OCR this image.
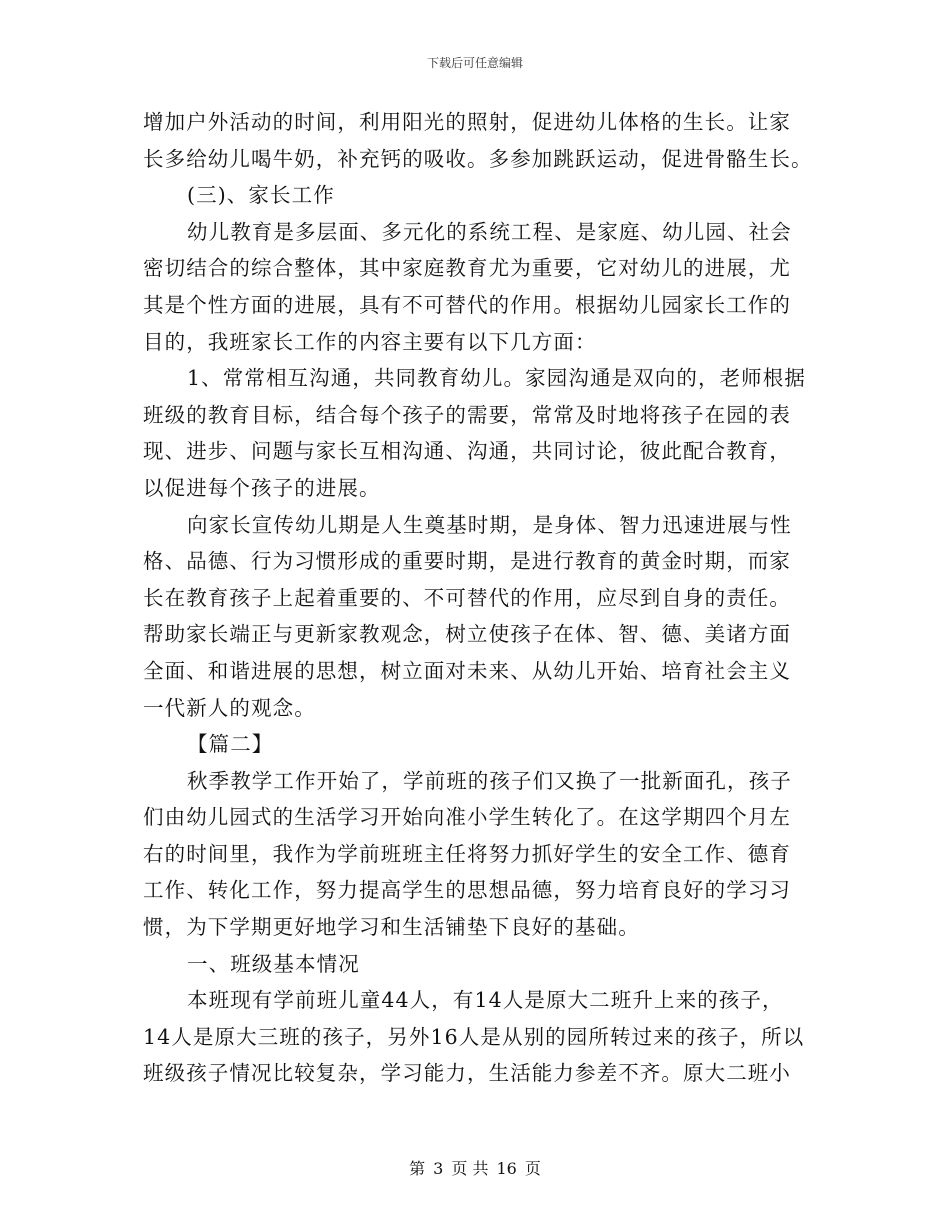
下载后可任意编辑
增加户外活动的时间，利用阳光的照射，促进幼儿体格的生长。让家
长多给幼儿喝牛奶，补充钙的吸收。多参加跳跃运动，促进骨骼生长。
(三)、家长工作
幼儿教育是多层面、多元化的系统工程、是家庭、幼儿园、社会
密切结合的综合整体，其中家庭教育尤为重要，它对幼儿的进展，尤
其是个性方面的进展，具有不可替代的作用。根据幼儿园家长工作的
目的，我班家长工作的内容主要有以下几方面：
1、常常相互沟通，共同教育幼儿。家园沟通是双向的，老师根据
班级的教育目标，结合每个孩子的需要，常常及时地将孩子在园的表
现、进步、问题与家长互相沟通、沟通，共同讨论，彼此配合教育，
以促进每个孩子的进展。
向家长宣传幼儿期是人生奠基时期，是身体、智力迅速进展与性
格、品德、行为习惯形成的重要时期，是进行教育的黄金时期，而家
长在教育孩子上起着重要的、不可替代的作用，应尽到自身的责任。
帮助家长端正与更新家教观念，树立使孩子在体、智、德、美诸方面
全面、和谐进展的思想，树立面对未来、从幼儿开始、培育社会主义
一代新人的观念。
【篇二】
秋季教学工作开始了，学前班的孩子们又换了一批新面孔，孩子
们由幼儿园式的生活学习开始向准小学生转化了。在这学期四个月左
右的时间里，我作为学前班班主任将努力抓好学生的安全工作、德育
工作、转化工作，努力提高学生的思想品德，努力培育良好的学习习
惯，为下学期更好地学习和生活铺垫下良好的基础。
一、班级基本情况
本班现有学前班儿童44人，有14人是原大二班升上来的孩子，
14人是原大三班的孩子，另外16人是从别的园所转过来的孩子，所以
班级孩子情况比较复杂，学习能力，生活能力参差不齐。原大二班小
第 3 页 共 16 页
